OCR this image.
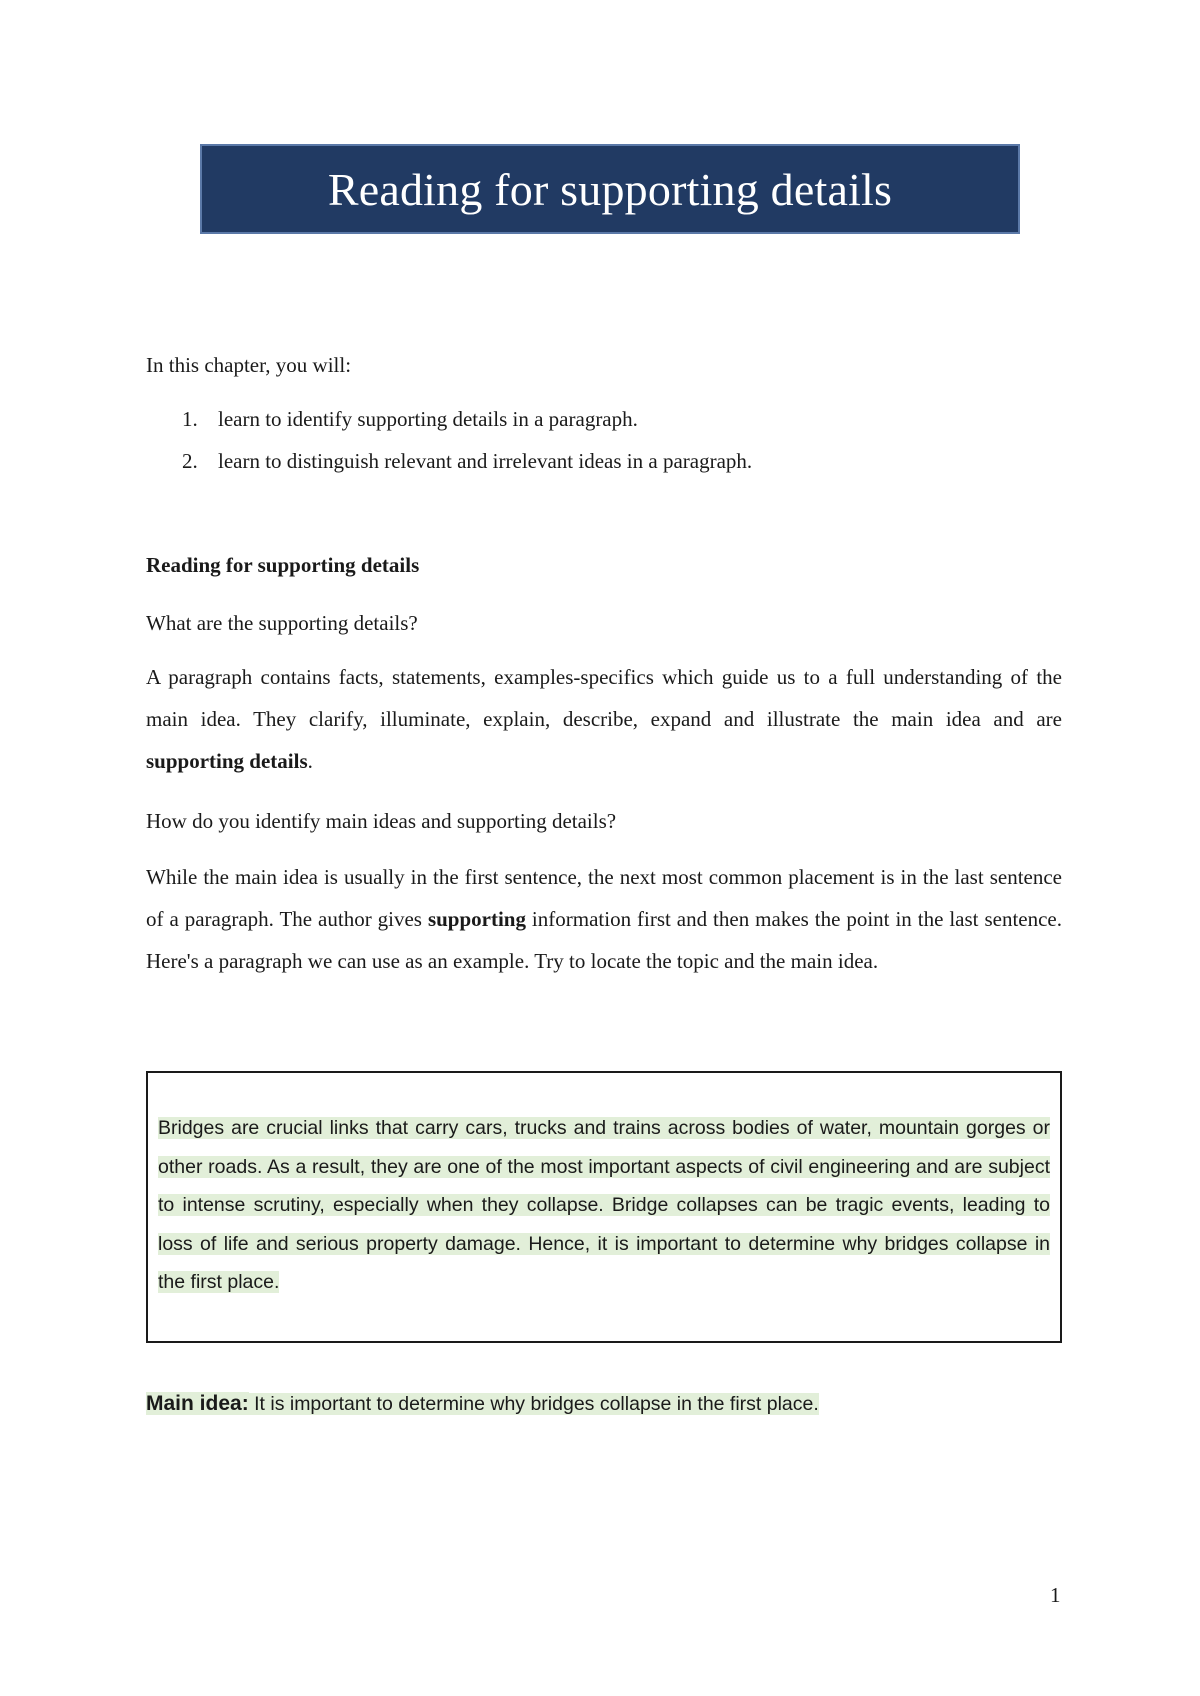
Reading for supporting details
In this chapter, you will:
1. learn to identify supporting details in a paragraph.
2. learn to distinguish relevant and irrelevant ideas in a paragraph.
Reading for supporting details
What are the supporting details?
A paragraph contains facts, statements, examples-specifics which guide us to a full understanding of the main idea. They clarify, illuminate, explain, describe, expand and illustrate the main idea and are supporting details.
How do you identify main ideas and supporting details?
While the main idea is usually in the first sentence, the next most common placement is in the last sentence of a paragraph. The author gives supporting information first and then makes the point in the last sentence. Here's a paragraph we can use as an example. Try to locate the topic and the main idea.
Bridges are crucial links that carry cars, trucks and trains across bodies of water, mountain gorges or other roads. As a result, they are one of the most important aspects of civil engineering and are subject to intense scrutiny, especially when they collapse. Bridge collapses can be tragic events, leading to loss of life and serious property damage. Hence, it is important to determine why bridges collapse in the first place.
Main idea: It is important to determine why bridges collapse in the first place.
1
